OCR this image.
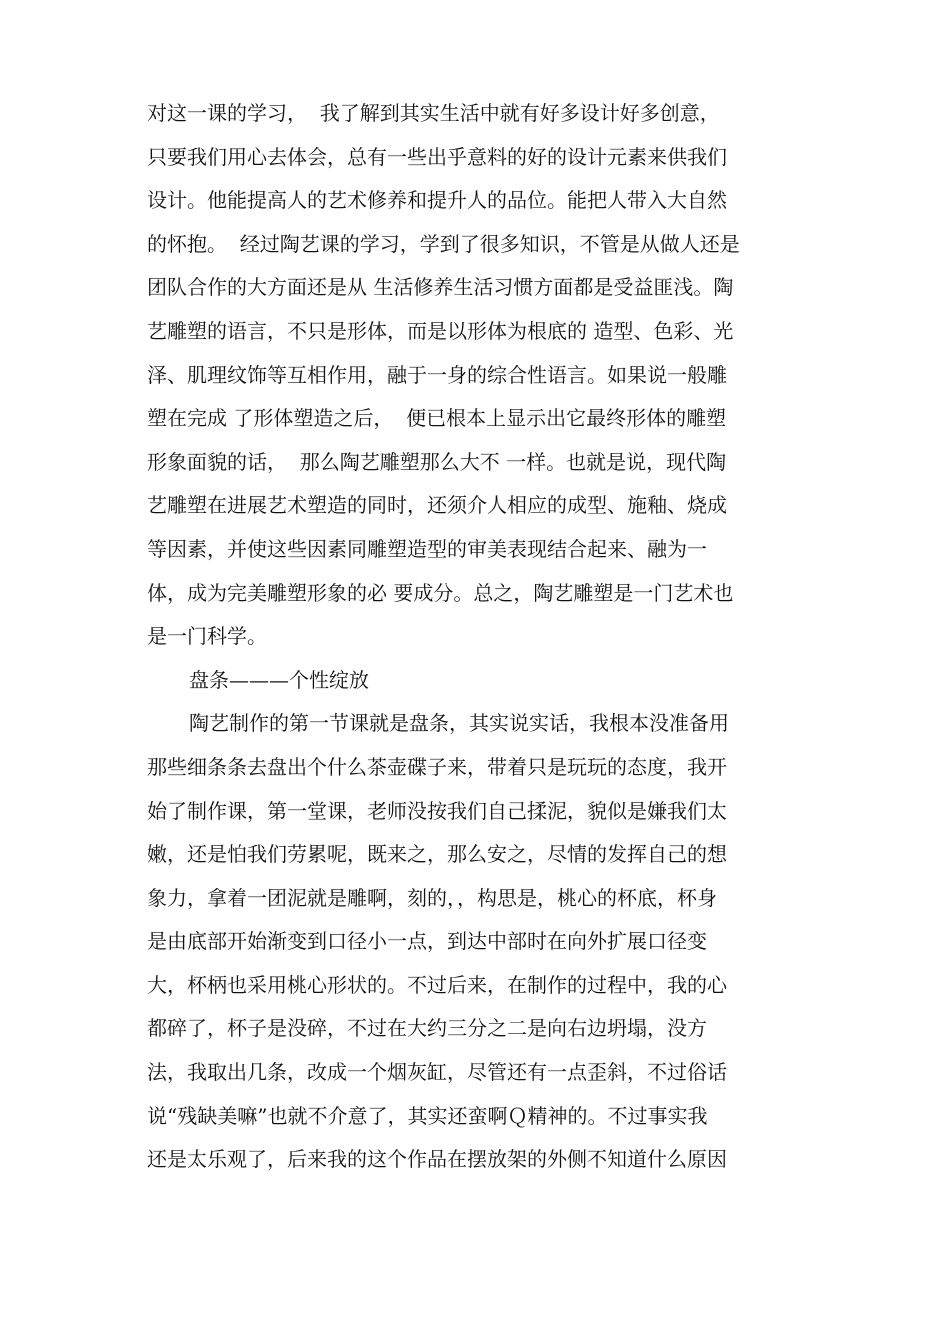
对这一课的学习，  我了解到其实生活中就有好多设计好多创意，
只要我们用心去体会，总有一些出乎意料的好的设计元素来供我们
设计。他能提高人的艺术修养和提升人的品位。能把人带入大自然
的怀抱。  经过陶艺课的学习，学到了很多知识，不管是从做人还是
团队合作的大方面还是从 生活修养生活习惯方面都是受益匪浅。陶
艺雕塑的语言，不只是形体，而是以形体为根底的 造型、色彩、光
泽、肌理纹饰等互相作用，融于一身的综合性语言。如果说一般雕
塑在完成 了形体塑造之后，  便已根本上显示出它最终形体的雕塑
形象面貌的话，  那么陶艺雕塑那么大不 一样。也就是说，现代陶
艺雕塑在进展艺术塑造的同时，还须介人相应的成型、施釉、烧成
等因素，并使这些因素同雕塑造型的审美表现结合起来、融为一
体，成为完美雕塑形象的必 要成分。总之，陶艺雕塑是一门艺术也
是一门科学。
盘条———个性绽放
陶艺制作的第一节课就是盘条，其实说实话，我根本没准备用
那些细条条去盘出个什么茶壶碟子来，带着只是玩玩的态度，我开
始了制作课，第一堂课，老师没按我们自己揉泥，貌似是嫌我们太
嫩，还是怕我们劳累呢，既来之，那么安之，尽情的发挥自己的想
象力，拿着一团泥就是雕啊，刻的，，构思是，桃心的杯底，杯身
是由底部开始渐变到口径小一点，到达中部时在向外扩展口径变
大，杯柄也采用桃心形状的。不过后来，在制作的过程中，我的心
都碎了，杯子是没碎，不过在大约三分之二是向右边坍塌，没方
法，我取出几条，改成一个烟灰缸，尽管还有一点歪斜，不过俗话
说“残缺美嘛”也就不介意了，其实还蛮啊Ｑ精神的。不过事实我
还是太乐观了，后来我的这个作品在摆放架的外侧不知道什么原因
